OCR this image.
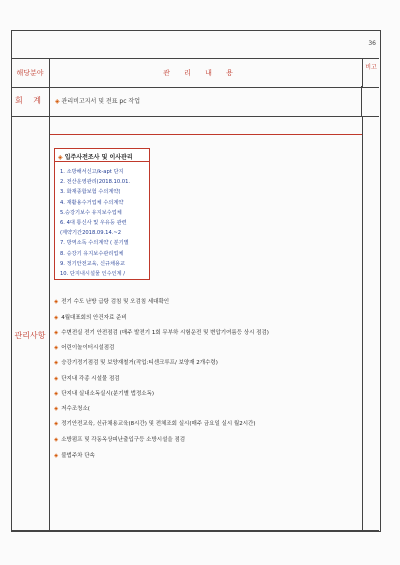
36
해당분야	관 리 내 용
비고
회 계	◈ 관리비고지서 및 전표 pc 작업
관리사항
◈ 입주사전조사 및 이사관리
1. 소방해서신고/k-apt 단지
2. 전산운영관리(2018.10.01.
3. 화재종합보험 수의계약(
4. 재활용수거업체 수의계약
5.승강기보수 유지보수업체
6. 4대 통신사 및 우유등 관련
(계약기간2018.09.14.~2
7. 방역소독 수의계약 ( 분기별
8. 승강기 유지보수관리업체
9. 정기안전교육, 신규채용교
10. 단지내시설물 인수인계 /
◈ 전기 수도 난방 급탕 검침 및 오검침 세대확인
◈ 4월대표회의 안건자료 준비
◈ 수변전실 전기 안전점검 (매주 발전기 1회 무부하 시험운전 및 변압기여름등 상시 점검)
◈ 어린이놀이터시설점검
◈ 승강기정기점검 및 보양재철거(작업:티센크루프/ 보양재 2개수령)
◈ 단지내 각종 시설물 점검
◈ 단지내 실내소독실시(분기별 법정소독)
◈ 저수조청소(
◈ 정기안전교육, 신규채용교육(8시간) 및 전체조회 실시(매주 금요일 실시 월2시간)
◈ 소방펌프 및 각동옥상피난출입구등 소방시설을 점검
◈ 불법주차 단속
